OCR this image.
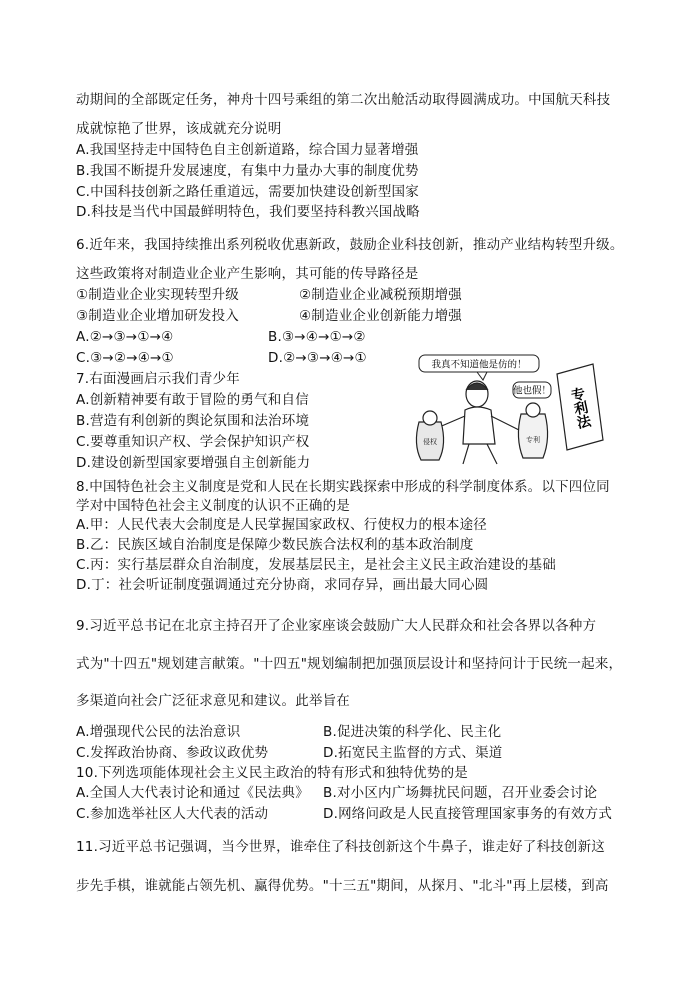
动期间的全部既定任务，神舟十四号乘组的第二次出舱活动取得圆满成功。中国航天科技
成就惊艳了世界，该成就充分说明
A.我国坚持走中国特色自主创新道路，综合国力显著增强
B.我国不断提升发展速度，有集中力量办大事的制度优势
C.中国科技创新之路任重道远，需要加快建设创新型国家
D.科技是当代中国最鲜明特色，我们要坚持科教兴国战略
6.近年来，我国持续推出系列税收优惠新政，鼓励企业科技创新，推动产业结构转型升级。
这些政策将对制造业企业产生影响，其可能的传导路径是
①制造业企业实现转型升级	②制造业企业减税预期增强
③制造业企业增加研发投入	④制造业企业创新能力增强
A.②→③→①→④	B.③→④→①→②
C.③→②→④→①	D.②→③→④→①
7.右面漫画启示我们青少年
A.创新精神要有敢于冒险的勇气和自信
B.营造有利创新的舆论氛围和法治环境
C.要尊重知识产权、学会保护知识产权
D.建设创新型国家要增强自主创新能力
我真不知道他是仿的！
他也假！ 专利法
侵权	专利
8.中国特色社会主义制度是党和人民在长期实践探索中形成的科学制度体系。以下四位同
学对中国特色社会主义制度的认识不正确的是
A.甲：人民代表大会制度是人民掌握国家政权、行使权力的根本途径
B.乙：民族区域自治制度是保障少数民族合法权利的基本政治制度
C.丙：实行基层群众自治制度，发展基层民主，是社会主义民主政治建设的基础
D.丁：社会听证制度强调通过充分协商，求同存异，画出最大同心圆
9.习近平总书记在北京主持召开了企业家座谈会鼓励广大人民群众和社会各界以各种方
式为"十四五"规划建言献策。"十四五"规划编制把加强顶层设计和坚持问计于民统一起来，
多渠道向社会广泛征求意见和建议。此举旨在
A.增强现代公民的法治意识	B.促进决策的科学化、民主化
C.发挥政治协商、参政议政优势	D.拓宽民主监督的方式、渠道
10.下列选项能体现社会主义民主政治的特有形式和独特优势的是
A.全国人大代表讨论和通过《民法典》 B.对小区内广场舞扰民问题，召开业委会讨论
C.参加选举社区人大代表的活动	D.网络问政是人民直接管理国家事务的有效方式
11.习近平总书记强调，当今世界，谁牵住了科技创新这个牛鼻子，谁走好了科技创新这
步先手棋，谁就能占领先机、赢得优势。"十三五"期间，从探月、"北斗"再上层楼，到高
